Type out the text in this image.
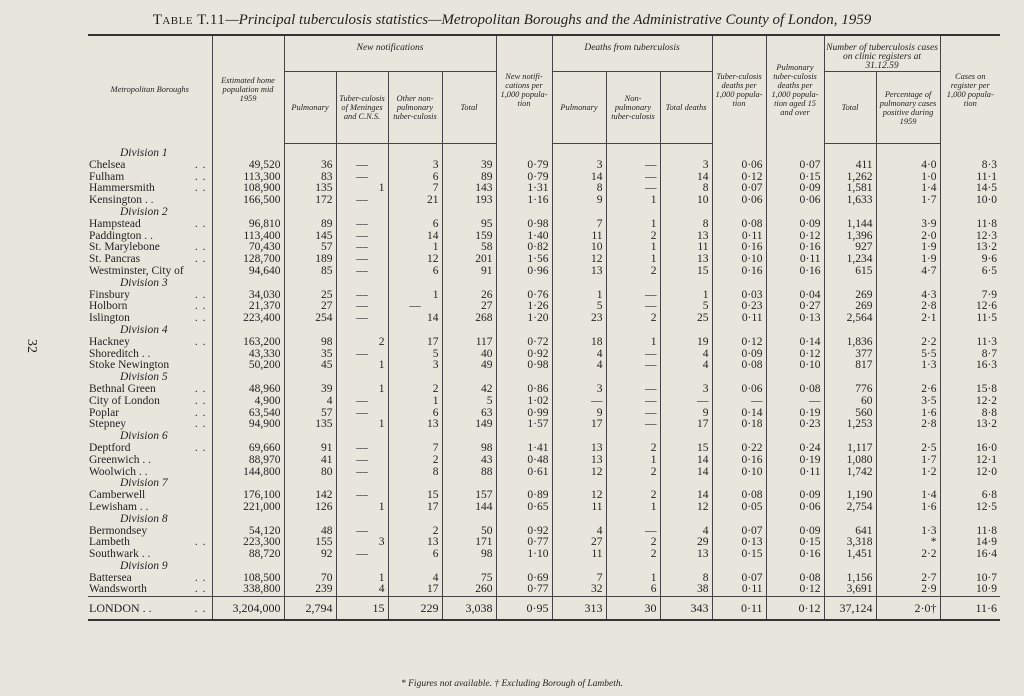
Table T.11—Principal tuberculosis statistics—Metropolitan Boroughs and the Administrative County of London, 1959
32
Metropolitan Boroughs	Estimated home population mid 1959	New notifications				New notifi-cations per 1,000 popula-tion	Deaths from tuberculosis			Tuber-culosis deaths per 1,000 popula-tion	Pulmonary tuber-culosis deaths per 1,000 popula-tion aged 15 and over	Number of tuberculosis cases on clinic registers at 31.12.59		Cases on register per 1,000 popula-tion
		Pulmonary	Tuber-culosis of Meninges and C.N.S.	Other non-pulmonary tuber-culosis	Total		Pulmonary	Non-pulmonary tuber-culosis	Total deaths			Total	Percentage of pulmonary cases positive during 1959	
Division 1														
Chelsea . .	49,520	36	—	3	39	0·79	3	—	3	0·06	0·07	411	4·0	8·3
Fulham . .	113,300	83	—	6	89	0·79	14	—	14	0·12	0·15	1,262	1·0	11·1
Hammersmith . .	108,900	135	1	7	143	1·31	8	—	8	0·07	0·09	1,581	1·4	14·5
Kensington . .	166,500	172	—	21	193	1·16	9	1	10	0·06	0·06	1,633	1·7	10·0
Division 2														
Hampstead . .	96,810	89	—	6	95	0·98	7	1	8	0·08	0·09	1,144	3·9	11·8
Paddington . .	113,400	145	—	14	159	1·40	11	2	13	0·11	0·12	1,396	2·0	12·3
St. Marylebone . .	70,430	57	—	1	58	0·82	10	1	11	0·16	0·16	927	1·9	13·2
St. Pancras . .	128,700	189	—	12	201	1·56	12	1	13	0·10	0·11	1,234	1·9	9·6
Westminster, City of	94,640	85	—	6	91	0·96	13	2	15	0·16	0·16	615	4·7	6·5
Division 3														
Finsbury . .	34,030	25	—	1	26	0·76	1	—	1	0·03	0·04	269	4·3	7·9
Holborn . .	21,370	27	—	—	27	1·26	5	—	5	0·23	0·27	269	2·8	12·6
Islington . .	223,400	254	—	14	268	1·20	23	2	25	0·11	0·13	2,564	2·1	11·5
Division 4														
Hackney . .	163,200	98	2	17	117	0·72	18	1	19	0·12	0·14	1,836	2·2	11·3
Shoreditch . .	43,330	35	—	5	40	0·92	4	—	4	0·09	0·12	377	5·5	8·7
Stoke Newington	50,200	45	1	3	49	0·98	4	—	4	0·08	0·10	817	1·3	16·3
Division 5														
Bethnal Green . .	48,960	39	1	2	42	0·86	3	—	3	0·06	0·08	776	2·6	15·8
City of London . .	4,900	4	—	1	5	1·02	—	—	—	—	—	60	3·5	12·2
Poplar . .	63,540	57	—	6	63	0·99	9	—	9	0·14	0·19	560	1·6	8·8
Stepney . .	94,900	135	1	13	149	1·57	17	—	17	0·18	0·23	1,253	2·8	13·2
Division 6														
Deptford . .	69,660	91	—	7	98	1·41	13	2	15	0·22	0·24	1,117	2·5	16·0
Greenwich . .	88,970	41	—	2	43	0·48	13	1	14	0·16	0·19	1,080	1·7	12·1
Woolwich . .	144,800	80	—	8	88	0·61	12	2	14	0·10	0·11	1,742	1·2	12·0
Division 7														
Camberwell	176,100	142	—	15	157	0·89	12	2	14	0·08	0·09	1,190	1·4	6·8
Lewisham . .	221,000	126	1	17	144	0·65	11	1	12	0·05	0·06	2,754	1·6	12·5
Division 8														
Bermondsey	54,120	48	—	2	50	0·92	4	—	4	0·07	0·09	641	1·3	11·8
Lambeth . .	223,300	155	3	13	171	0·77	27	2	29	0·13	0·15	3,318	*	14·9
Southwark . .	88,720	92	—	6	98	1·10	11	2	13	0·15	0·16	1,451	2·2	16·4
Division 9														
Battersea . .	108,500	70	1	4	75	0·69	7	1	8	0·07	0·08	1,156	2·7	10·7
Wandsworth . .	338,800	239	4	17	260	0·77	32	6	38	0·11	0·12	3,691	2·9	10·9
LONDON . . . .	3,204,000	2,794	15	229	3,038	0·95	313	30	343	0·11	0·12	37,124	2·0†	11·6
* Figures not available. † Excluding Borough of Lambeth.
